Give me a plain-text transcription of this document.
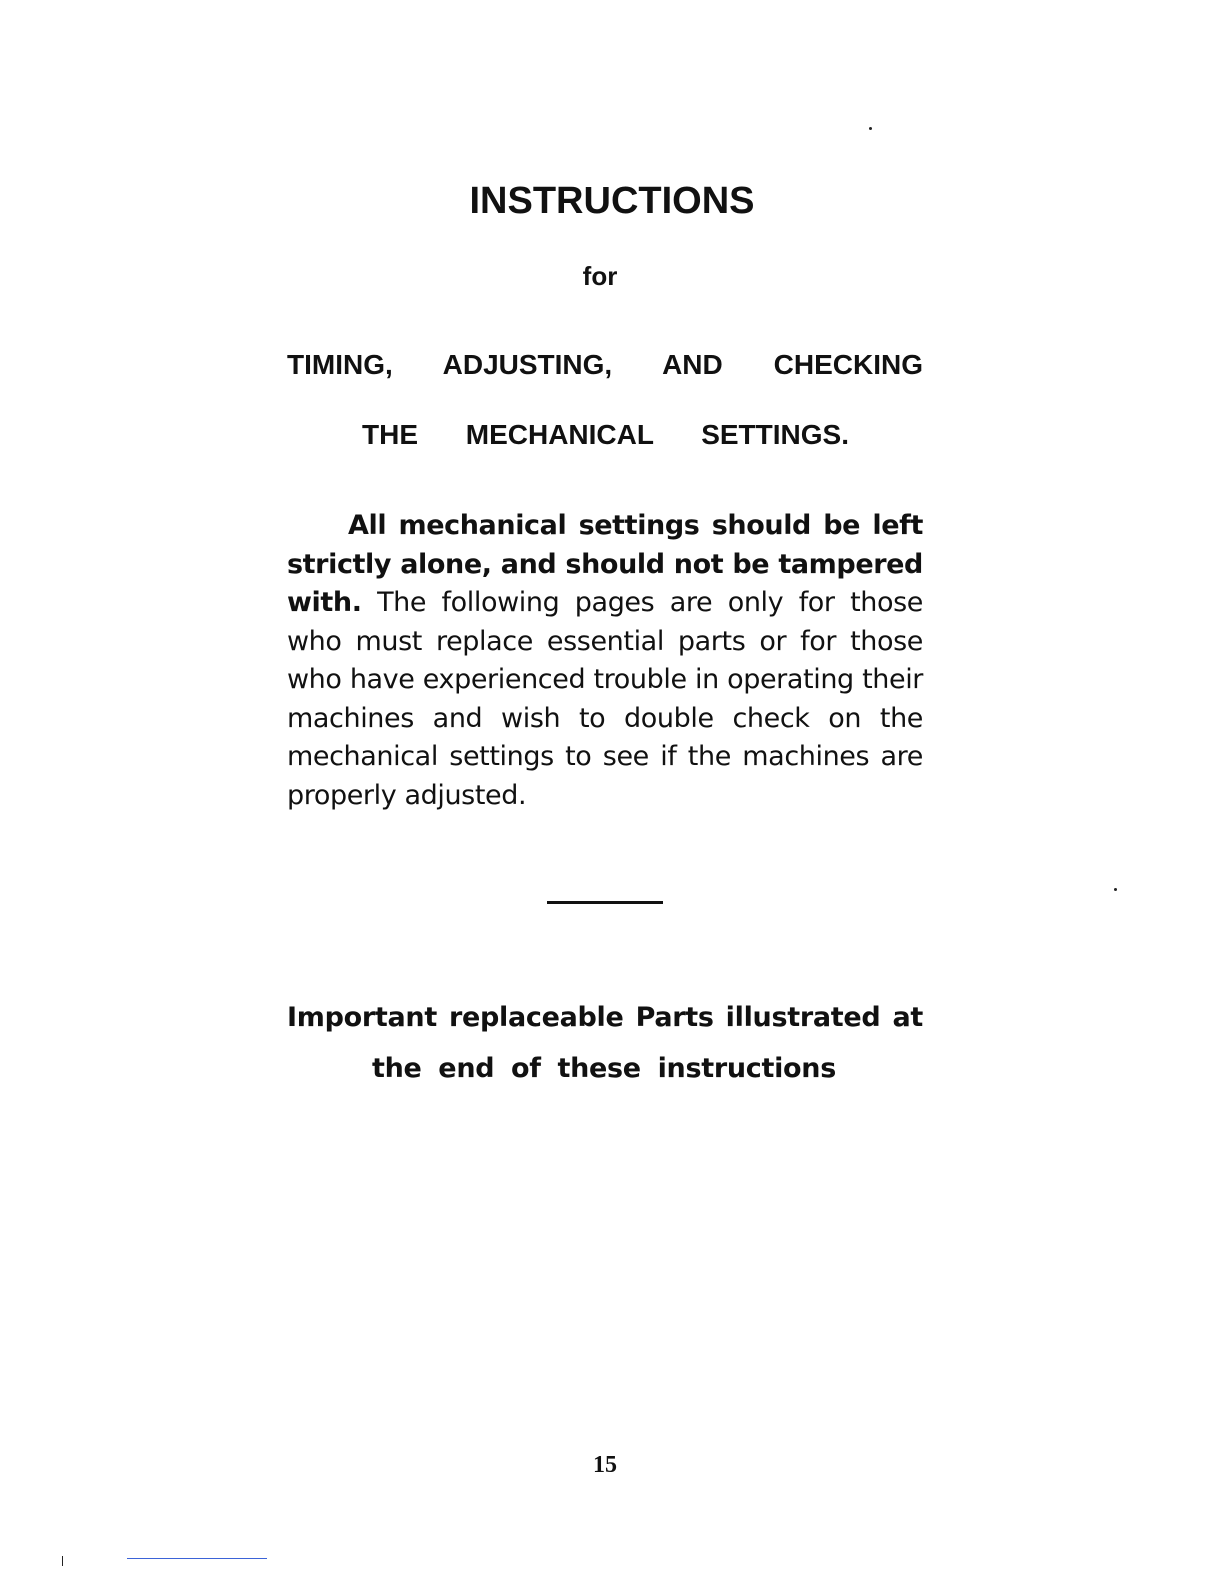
INSTRUCTIONS
for
TIMING, ADJUSTING, AND CHECKING
THE MECHANICAL SETTINGS.

All mechanical settings should be left strictly alone, and should not be tampered with. The following pages are only for those who must replace essential parts or for those who have experienced trouble in operating their machines and wish to double check on the mechanical settings to see if the machines are properly adjusted.

Important replaceable Parts illustrated at
the end of these instructions
15
